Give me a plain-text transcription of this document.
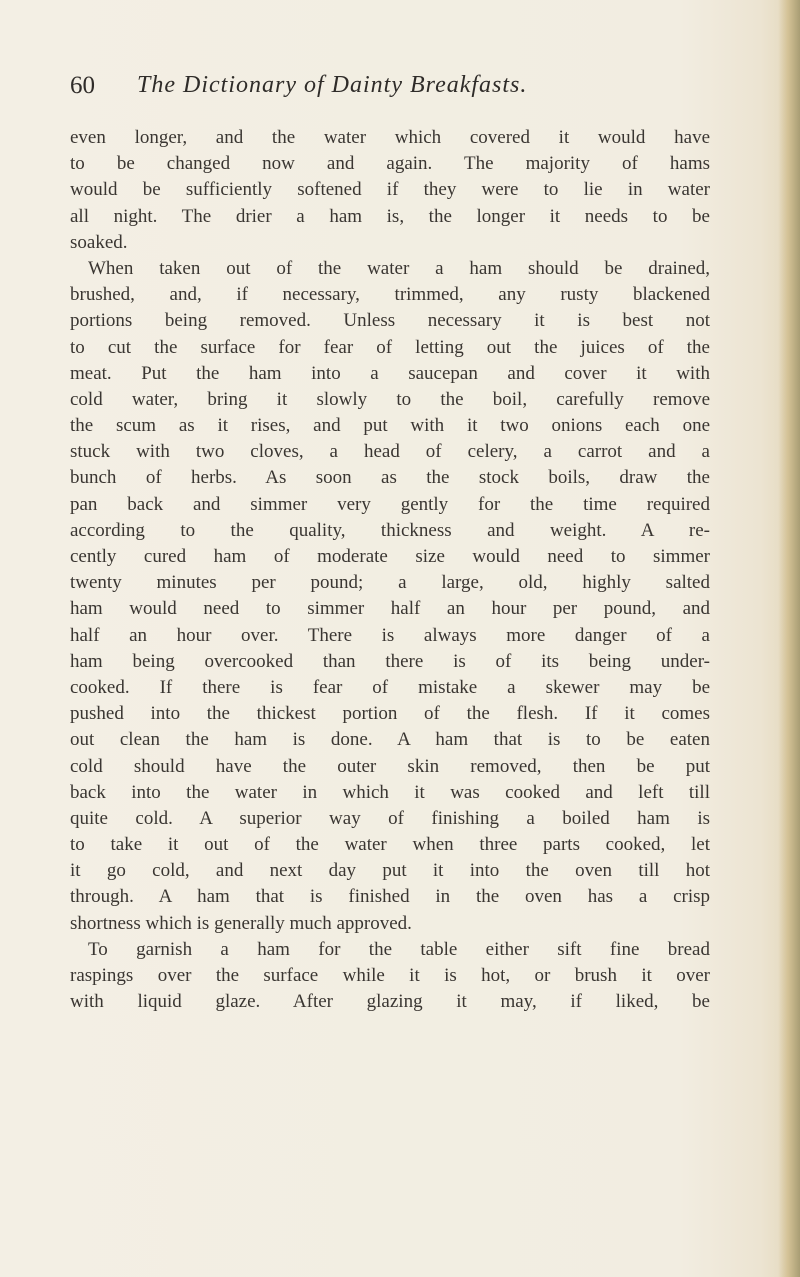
60 The Dictionary of Dainty Breakfasts.
even longer, and the water which covered it would have
to be changed now and again. The majority of hams
would be sufficiently softened if they were to lie in water
all night. The drier a ham is, the longer it needs to be
soaked.
When taken out of the water a ham should be drained,
brushed, and, if necessary, trimmed, any rusty blackened
portions being removed. Unless necessary it is best not
to cut the surface for fear of letting out the juices of the
meat. Put the ham into a saucepan and cover it with
cold water, bring it slowly to the boil, carefully remove
the scum as it rises, and put with it two onions each one
stuck with two cloves, a head of celery, a carrot and a
bunch of herbs. As soon as the stock boils, draw the
pan back and simmer very gently for the time required
according to the quality, thickness and weight. A re-
cently cured ham of moderate size would need to simmer
twenty minutes per pound; a large, old, highly salted
ham would need to simmer half an hour per pound, and
half an hour over. There is always more danger of a
ham being overcooked than there is of its being under-
cooked. If there is fear of mistake a skewer may be
pushed into the thickest portion of the flesh. If it comes
out clean the ham is done. A ham that is to be eaten
cold should have the outer skin removed, then be put
back into the water in which it was cooked and left till
quite cold. A superior way of finishing a boiled ham is
to take it out of the water when three parts cooked, let
it go cold, and next day put it into the oven till hot
through. A ham that is finished in the oven has a crisp
shortness which is generally much approved.
To garnish a ham for the table either sift fine bread
raspings over the surface while it is hot, or brush it over
with liquid glaze. After glazing it may, if liked, be
